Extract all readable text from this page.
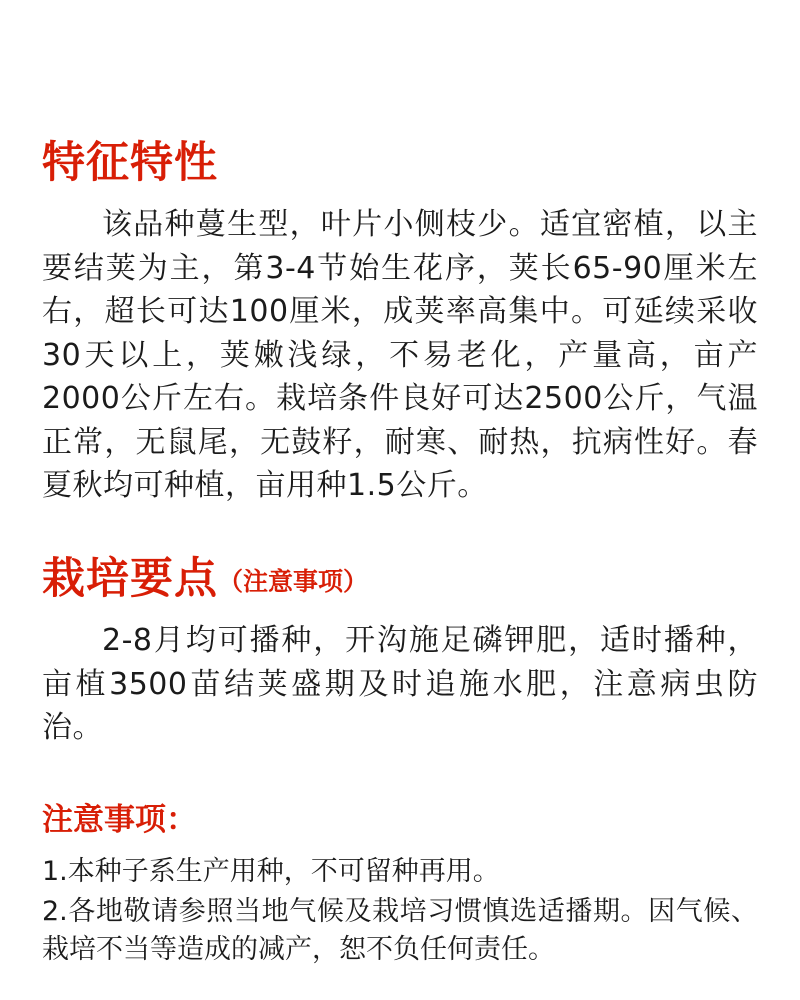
特征特性

该品种蔓生型，叶片小侧枝少。适宜密植，以主要结荚为主，第3-4节始生花序，荚长65-90厘米左右，超长可达100厘米，成荚率高集中。可延续采收30天以上，荚嫩浅绿，不易老化，产量高，亩产2000公斤左右。栽培条件良好可达2500公斤，气温正常，无鼠尾，无鼓籽，耐寒、耐热，抗病性好。春夏秋均可种植，亩用种1.5公斤。

栽培要点（注意事项）

2-8月均可播种，开沟施足磷钾肥，适时播种，亩植3500苗结荚盛期及时追施水肥，注意病虫防治。

注意事项：

1.本种子系生产用种，不可留种再用。

2.各地敬请参照当地气候及栽培习惯慎选适播期。因气候、栽培不当等造成的减产，恕不负任何责任。
